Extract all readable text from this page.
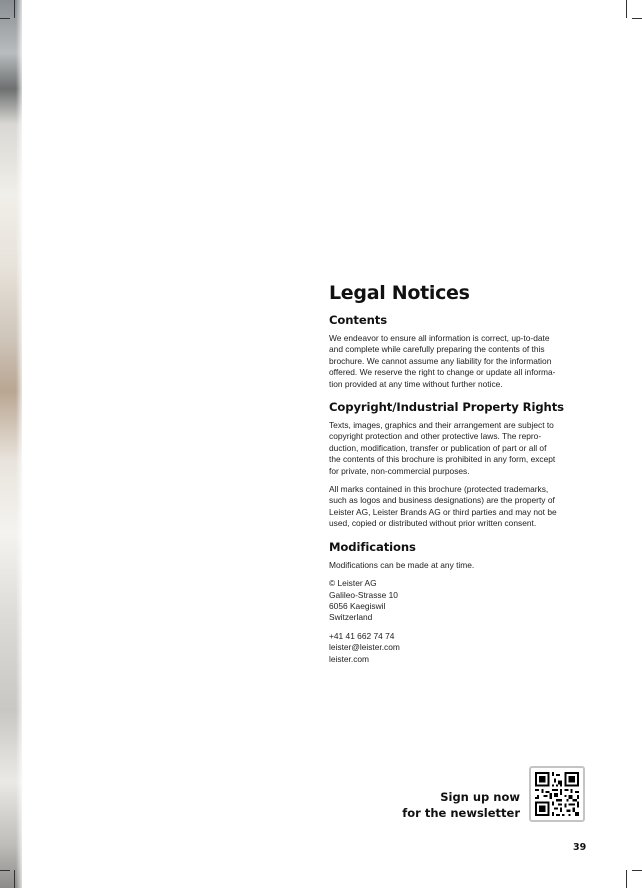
Legal Notices
Contents

We endeavor to ensure all information is correct, up-to-date
and complete while carefully preparing the contents of this
brochure. We cannot assume any liability for the information
offered. We reserve the right to change or update all informa-
tion provided at any time without further notice.

Copyright/Industrial Property Rights

Texts, images, graphics and their arrangement are subject to
copyright protection and other protective laws. The repro-
duction, modification, transfer or publication of part or all of
the contents of this brochure is prohibited in any form, except
for private, non-commercial purposes.

All marks contained in this brochure (protected trademarks,
such as logos and business designations) are the property of
Leister AG, Leister Brands AG or third parties and may not be
used, copied or distributed without prior written consent.

Modifications

Modifications can be made at any time.

© Leister AG
Galileo-Strasse 10
6056 Kaegiswil
Switzerland

+41 41 662 74 74
leister@leister.com
leister.com

Sign up now
for the newsletter
39
